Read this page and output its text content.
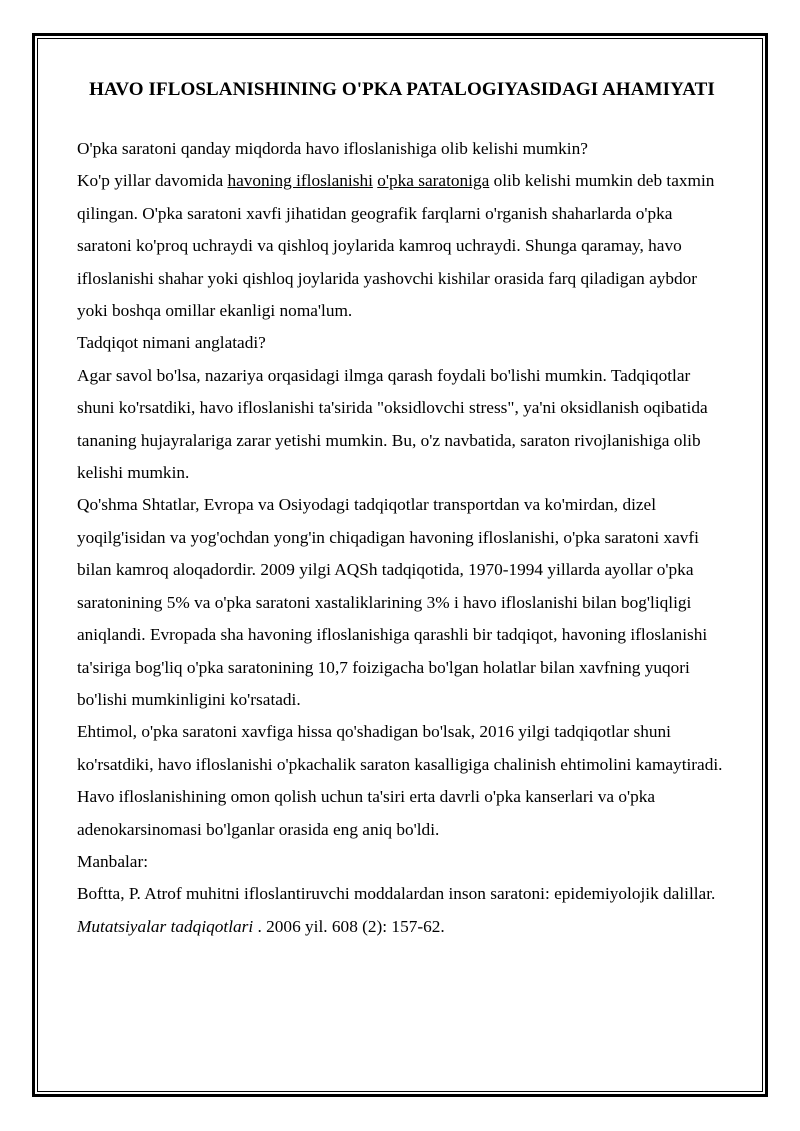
HAVO IFLOSLANISHINING O'PKA PATALOGIYASIDAGI AHAMIYATI

O'pka saratoni qanday miqdorda havo ifloslanishiga olib kelishi mumkin?

Ko'p yillar davomida havoning ifloslanishi o'pka saratoniga olib kelishi mumkin deb taxmin qilingan. O'pka saratoni xavfi jihatidan geografik farqlarni o'rganish shaharlarda o'pka saratoni ko'proq uchraydi va qishloq joylarida kamroq uchraydi. Shunga qaramay, havo ifloslanishi shahar yoki qishloq joylarida yashovchi kishilar orasida farq qiladigan aybdor yoki boshqa omillar ekanligi noma'lum.

Tadqiqot nimani anglatadi?

Agar savol bo'lsa, nazariya orqasidagi ilmga qarash foydali bo'lishi mumkin. Tadqiqotlar shuni ko'rsatdiki, havo ifloslanishi ta'sirida "oksidlovchi stress", ya'ni oksidlanish oqibatida tananing hujayralariga zarar yetishi mumkin. Bu, o'z navbatida, saraton rivojlanishiga olib kelishi mumkin.

Qo'shma Shtatlar, Evropa va Osiyodagi tadqiqotlar transportdan va ko'mirdan, dizel yoqilg'isidan va yog'ochdan yong'in chiqadigan havoning ifloslanishi, o'pka saratoni xavfi bilan kamroq aloqadordir. 2009 yilgi AQSh tadqiqotida, 1970-1994 yillarda ayollar o'pka saratonining 5% va o'pka saratoni xastaliklarining 3% i havo ifloslanishi bilan bog'liqligi aniqlandi. Evropada sha havoning ifloslanishiga qarashli bir tadqiqot, havoning ifloslanishi ta'siriga bog'liq o'pka saratonining 10,7 foizigacha bo'lgan holatlar bilan xavfning yuqori bo'lishi mumkinligini ko'rsatadi.

Ehtimol, o'pka saratoni xavfiga hissa qo'shadigan bo'lsak, 2016 yilgi tadqiqotlar shuni ko'rsatdiki, havo ifloslanishi o'pkachalik saraton kasalligiga chalinish ehtimolini kamaytiradi.

Havo ifloslanishining omon qolish uchun ta'siri erta davrli o'pka kanserlari va o'pka adenokarsinomasi bo'lganlar orasida eng aniq bo'ldi.

Manbalar:

Boftta, P. Atrof muhitni ifloslantiruvchi moddalardan inson saratoni: epidemiyolojik dalillar. Mutatsiyalar tadqiqotlari . 2006 yil. 608 (2): 157-62.
